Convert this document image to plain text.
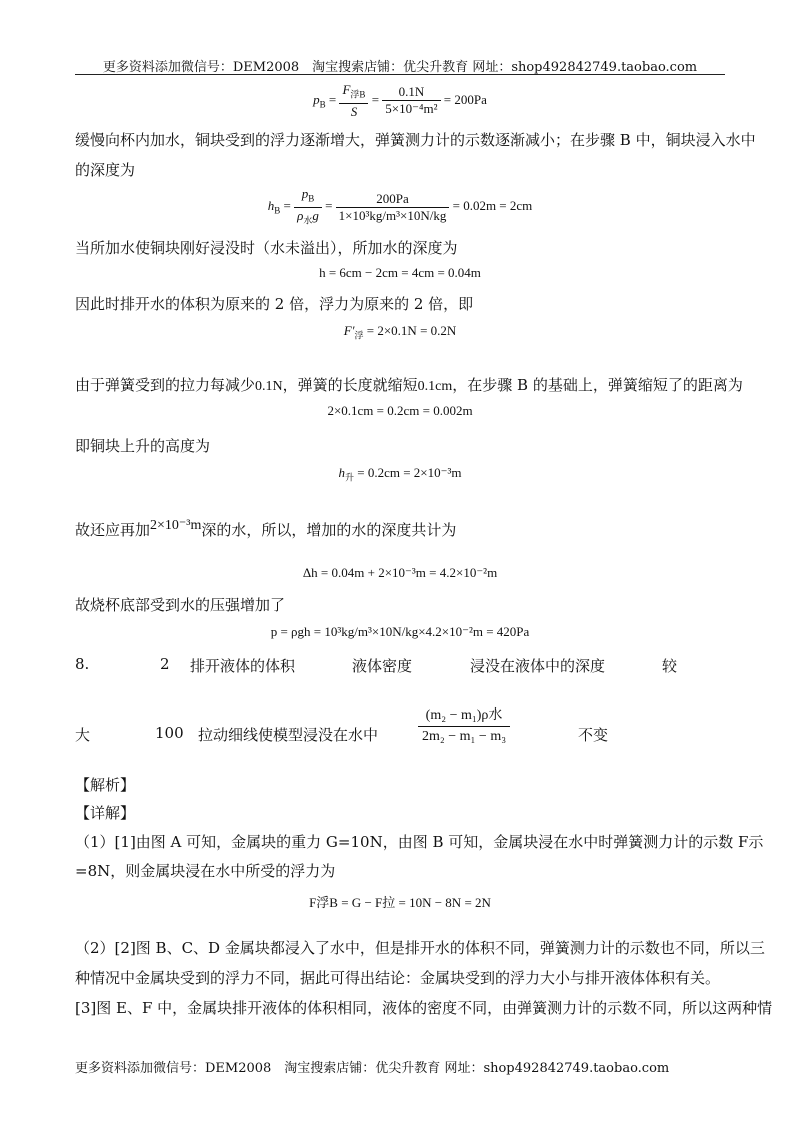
更多资料添加微信号：DEM2008　淘宝搜索店铺：优尖升教育 网址：shop492842749.taobao.com
$p_B = \frac{F_{浮B}}{S} = \frac{0.1N}{\text{5×10⁻⁴m²}} = 200Pa$
缓慢向杯内加水，铜块受到的浮力逐渐增大，弹簧测力计的示数逐渐减小；在步骤 B 中，铜块浸入水中
的深度为
$h_B = \frac{p_B}{\rho_水g} = \frac{200Pa}{\text{1×10³kg/m³×10N/kg}} = 0.02m = 2cm$
当所加水使铜块刚好浸没时（水未溢出），所加水的深度为
h = 6cm − 2cm = 4cm = 0.04m
因此时排开水的体积为原来的 2 倍，浮力为原来的 2 倍，即
$F'_浮 = 2\times 0.1N = 0.2N$
由于弹簧受到的拉力每减少0.1N，弹簧的长度就缩短0.1cm，在步骤 B 的基础上，弹簧缩短了的距离为
2×0.1cm = 0.2cm = 0.002m
即铜块上升的高度为
$h_升 = 0.2cm = 2\times 10^{-3}m$
故还应再加2×10⁻³m深的水，所以，增加的水的深度共计为
Δh = 0.04m + 2×10⁻³m = 4.2×10⁻²m
故烧杯底部受到水的压强增加了
p = ρgh = 10³kg/m³×10N/kg×4.2×10⁻²m = 420Pa
8.	2 排开液体的体积	液体密度	浸没在液体中的深度	较
大	100 拉动细线使模型浸没在水中
(m₂ − m₁)ρ水
2m₂ − m₁ − m₃	不变
【解析】
【详解】
（1）[1]由图 A 可知，金属块的重力 G=10N，由图 B 可知，金属块浸在水中时弹簧测力计的示数 F示
=8N，则金属块浸在水中所受的浮力为
F浮B = G − F拉 = 10N − 8N = 2N
（2）[2]图 B、C、D 金属块都浸入了水中，但是排开水的体积不同，弹簧测力计的示数也不同，所以三
种情况中金属块受到的浮力不同，据此可得出结论：金属块受到的浮力大小与排开液体体积有关。
[3]图 E、F 中，金属块排开液体的体积相同，液体的密度不同，由弹簧测力计的示数不同，所以这两种情
更多资料添加微信号：DEM2008　淘宝搜索店铺：优尖升教育 网址：shop492842749.taobao.com
